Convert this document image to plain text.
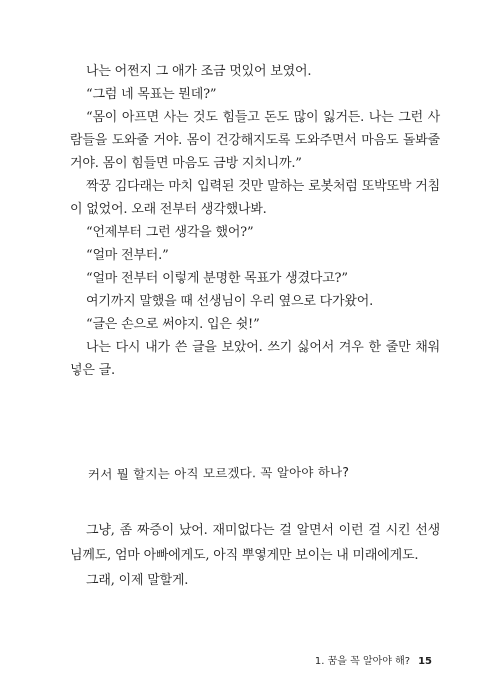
나는 어쩐지 그 애가 조금 멋있어 보였어.

“그럼 네 목표는 뭔데?”

“몸이 아프면 사는 것도 힘들고 돈도 많이 잃거든. 나는 그런 사람들을 도와줄 거야. 몸이 건강해지도록 도와주면서 마음도 돌봐줄 거야. 몸이 힘들면 마음도 금방 지치니까.”

짝꿍 김다래는 마치 입력된 것만 말하는 로봇처럼 또박또박 거침이 없었어. 오래 전부터 생각했나봐.

“언제부터 그런 생각을 했어?”

“얼마 전부터.”

“얼마 전부터 이렇게 분명한 목표가 생겼다고?”

여기까지 말했을 때 선생님이 우리 옆으로 다가왔어.

“글은 손으로 써야지. 입은 쉿!”

나는 다시 내가 쓴 글을 보았어. 쓰기 싫어서 겨우 한 줄만 채워 넣은 글.

커서 뭘 할지는 아직 모르겠다. 꼭 알아야 하나?

그냥, 좀 짜증이 났어. 재미없다는 걸 알면서 이런 걸 시킨 선생님께도, 엄마 아빠에게도, 아직 뿌옇게만 보이는 내 미래에게도.

그래, 이제 말할게.

1. 꿈을 꼭 알아야 해? 15
